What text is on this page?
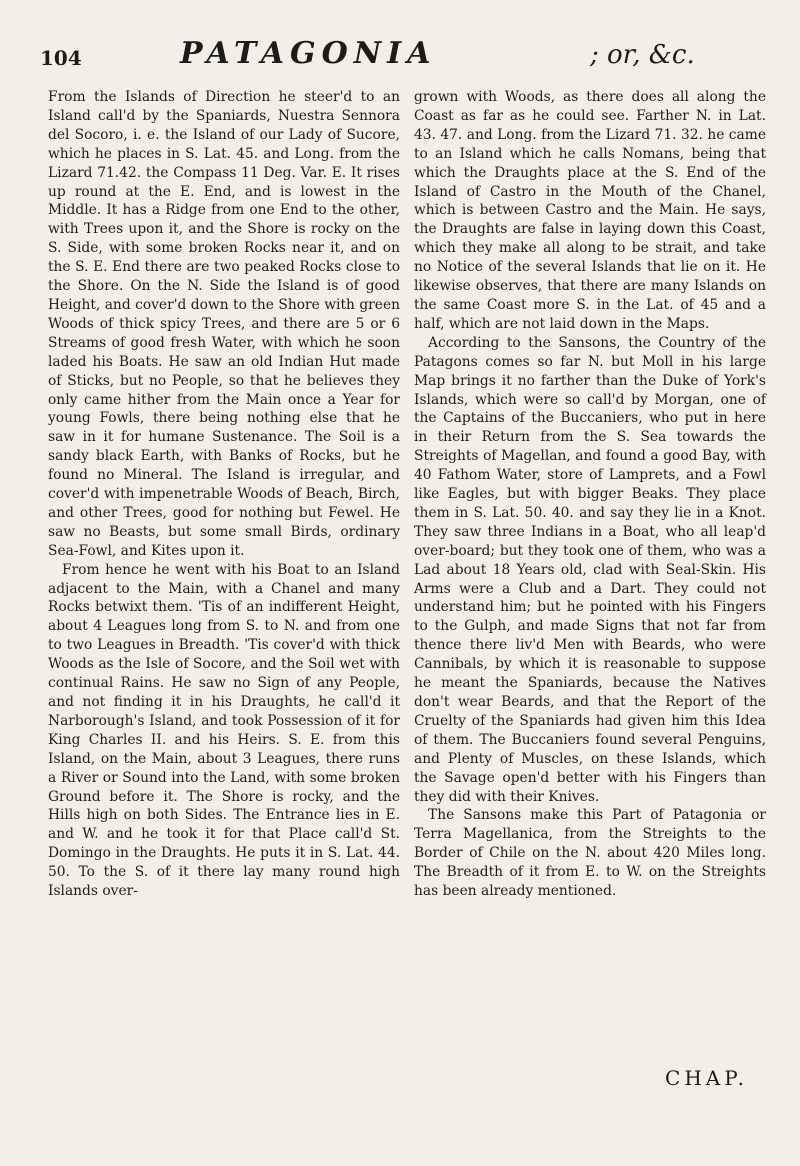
104	PATAGONIA	; or, &c.

From the Islands of Direction he steer'd to an Island call'd by the Spaniards, Nuestra Sennora del Socoro, i. e. the Island of our Lady of Sucore, which he places in S. Lat. 45. and Long. from the Lizard 71.42. the Compass 11 Deg. Var. E. It rises up round at the E. End, and is lowest in the Middle. It has a Ridge from one End to the other, with Trees upon it, and the Shore is rocky on the S. Side, with some broken Rocks near it, and on the S. E. End there are two peaked Rocks close to the Shore. On the N. Side the Island is of good Height, and cover'd down to the Shore with green Woods of thick spicy Trees, and there are 5 or 6 Streams of good fresh Water, with which he soon laded his Boats. He saw an old Indian Hut made of Sticks, but no People, so that he believes they only came hither from the Main once a Year for young Fowls, there being nothing else that he saw in it for humane Sustenance. The Soil is a sandy black Earth, with Banks of Rocks, but he found no Mineral. The Island is irregular, and cover'd with impenetrable Woods of Beach, Birch, and other Trees, good for nothing but Fewel. He saw no Beasts, but some small Birds, ordinary Sea-Fowl, and Kites upon it.

From hence he went with his Boat to an Island adjacent to the Main, with a Chanel and many Rocks betwixt them. 'Tis of an indifferent Height, about 4 Leagues long from S. to N. and from one to two Leagues in Breadth. 'Tis cover'd with thick Woods as the Isle of Socore, and the Soil wet with continual Rains. He saw no Sign of any People, and not finding it in his Draughts, he call'd it Narborough's Island, and took Possession of it for King Charles II. and his Heirs. S. E. from this Island, on the Main, about 3 Leagues, there runs a River or Sound into the Land, with some broken Ground before it. The Shore is rocky, and the Hills high on both Sides. The Entrance lies in E. and W. and he took it for that Place call'd St. Domingo in the Draughts. He puts it in S. Lat. 44. 50. To the S. of it there lay many round high Islands over-

grown with Woods, as there does all along the Coast as far as he could see. Farther N. in Lat. 43. 47. and Long. from the Lizard 71. 32. he came to an Island which he calls Nomans, being that which the Draughts place at the S. End of the Island of Castro in the Mouth of the Chanel, which is between Castro and the Main. He says, the Draughts are false in laying down this Coast, which they make all along to be strait, and take no Notice of the several Islands that lie on it. He likewise observes, that there are many Islands on the same Coast more S. in the Lat. of 45 and a half, which are not laid down in the Maps.

According to the Sansons, the Country of the Patagons comes so far N. but Moll in his large Map brings it no farther than the Duke of York's Islands, which were so call'd by Morgan, one of the Captains of the Buccaniers, who put in here in their Return from the S. Sea towards the Streights of Magellan, and found a good Bay, with 40 Fathom Water, store of Lamprets, and a Fowl like Eagles, but with bigger Beaks. They place them in S. Lat. 50. 40. and say they lie in a Knot. They saw three Indians in a Boat, who all leap'd over-board; but they took one of them, who was a Lad about 18 Years old, clad with Seal-Skin. His Arms were a Club and a Dart. They could not understand him; but he pointed with his Fingers to the Gulph, and made Signs that not far from thence there liv'd Men with Beards, who were Cannibals, by which it is reasonable to suppose he meant the Spaniards, because the Natives don't wear Beards, and that the Report of the Cruelty of the Spaniards had given him this Idea of them. The Buccaniers found several Penguins, and Plenty of Muscles, on these Islands, which the Savage open'd better with his Fingers than they did with their Knives.

The Sansons make this Part of Patagonia or Terra Magellanica, from the Streights to the Border of Chile on the N. about 420 Miles long. The Breadth of it from E. to W. on the Streights has been already mentioned.

CHAP.
